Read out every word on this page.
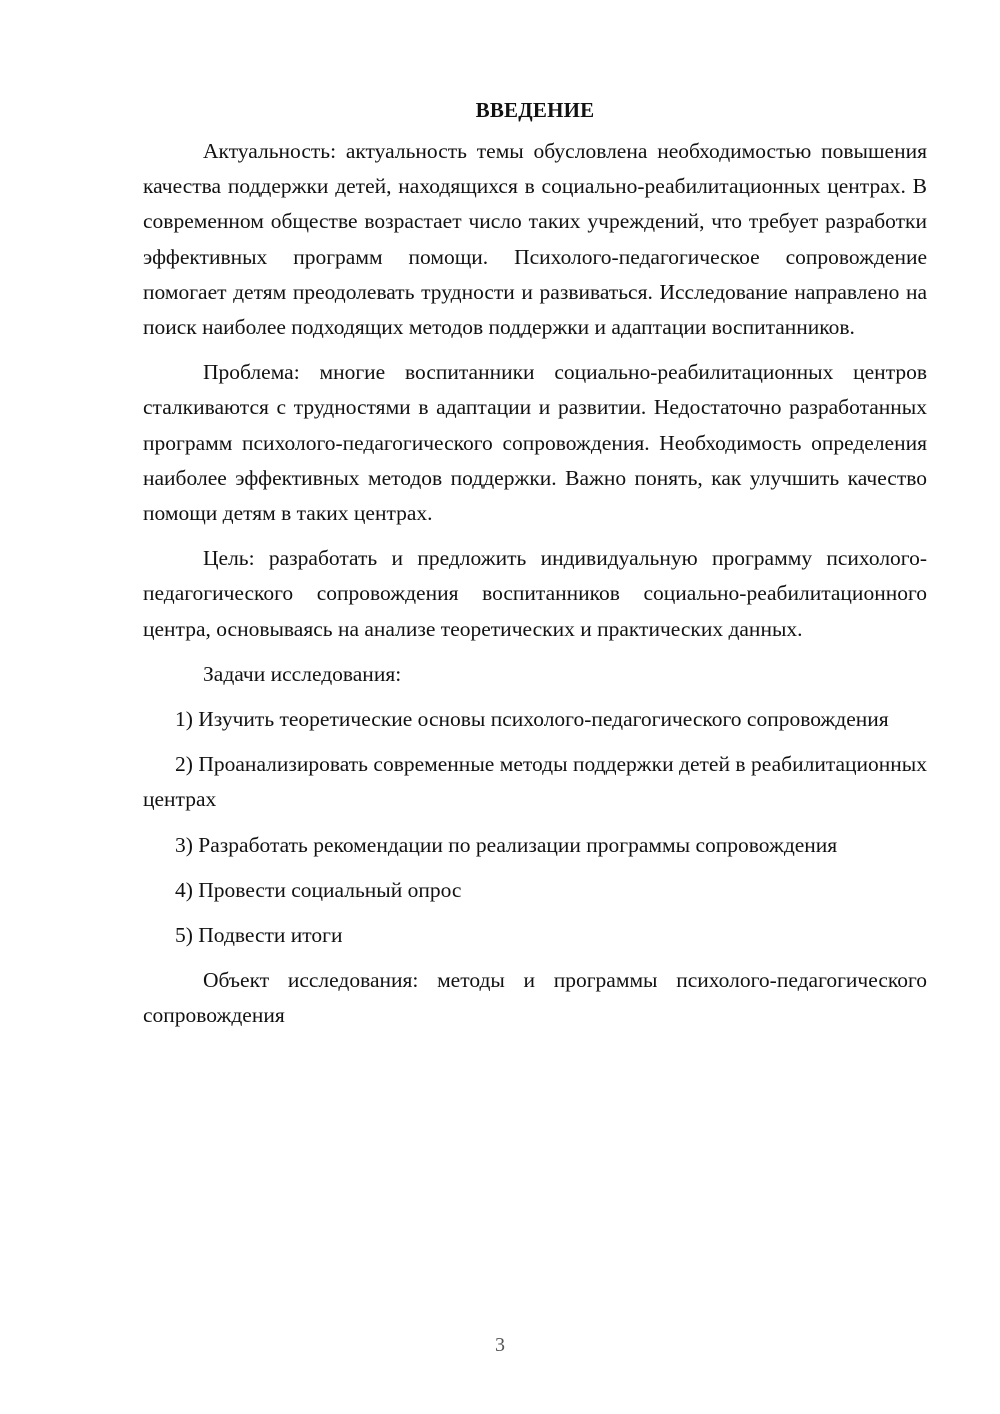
ВВЕДЕНИЕ

Актуальность: актуальность темы обусловлена необходимостью повышения качества поддержки детей, находящихся в социально-реабилитационных центрах. В современном обществе возрастает число таких учреждений, что требует разработки эффективных программ помощи. Психолого-педагогическое сопровождение помогает детям преодолевать трудности и развиваться. Исследование направлено на поиск наиболее подходящих методов поддержки и адаптации воспитанников.

Проблема: многие воспитанники социально-реабилитационных центров сталкиваются с трудностями в адаптации и развитии. Недостаточно разработанных программ психолого-педагогического сопровождения. Необходимость определения наиболее эффективных методов поддержки. Важно понять, как улучшить качество помощи детям в таких центрах.

Цель: разработать и предложить индивидуальную программу психолого-педагогического сопровождения воспитанников социально-реабилитационного центра, основываясь на анализе теоретических и практических данных.

Задачи исследования:

1) Изучить теоретические основы психолого-педагогического сопровождения

2) Проанализировать современные методы поддержки детей в реабилитационных центрах

3) Разработать рекомендации по реализации программы сопровождения

4) Провести социальный опрос

5) Подвести итоги

Объект исследования: методы и программы психолого-педагогического сопровождения

3
